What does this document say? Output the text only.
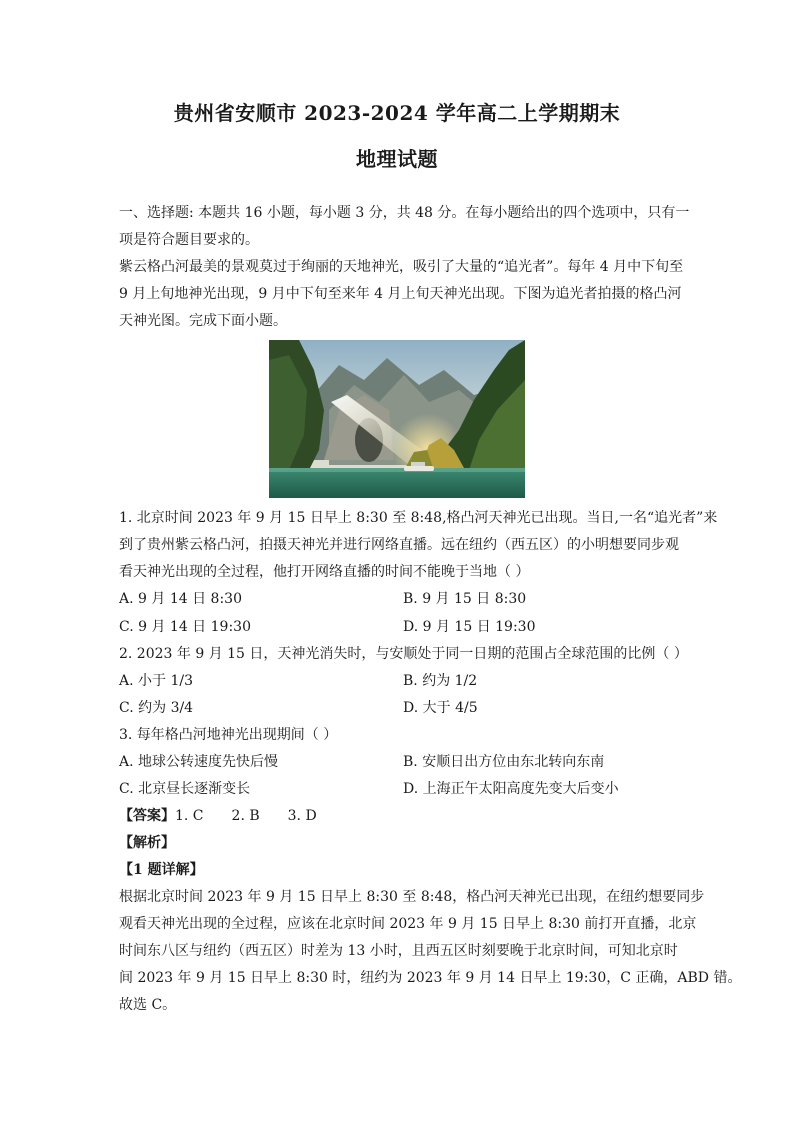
贵州省安顺市 2023-2024 学年高二上学期期末
地理试题
一、选择题: 本题共 16 小题，每小题 3 分，共 48 分。在每小题给出的四个选项中，只有一
项是符合题目要求的。
紫云格凸河最美的景观莫过于绚丽的天地神光，吸引了大量的“追光者”。每年 4 月中下旬至
9 月上旬地神光出现，9 月中下旬至来年 4 月上旬天神光出现。下图为追光者拍摄的格凸河
天神光图。完成下面小题。
1. 北京时间 2023 年 9 月 15 日早上 8:30 至 8:48,格凸河天神光已出现。当日,一名“追光者”来
到了贵州紫云格凸河，拍摄天神光并进行网络直播。远在纽约（西五区）的小明想要同步观
看天神光出现的全过程，他打开网络直播的时间不能晚于当地（ ）
A. 9 月 14 日 8:30	B. 9 月 15 日 8:30
C. 9 月 14 日 19:30	D. 9 月 15 日 19:30
2. 2023 年 9 月 15 日，天神光消失时，与安顺处于同一日期的范围占全球范围的比例（ ）
A. 小于 1/3	B. 约为 1/2
C. 约为 3/4	D. 大于 4/5
3. 每年格凸河地神光出现期间（ ）
A. 地球公转速度先快后慢	B. 安顺日出方位由东北转向东南
C. 北京昼长逐渐变长	D. 上海正午太阳高度先变大后变小
【答案】1. C 2. B 3. D
【解析】
【1 题详解】
根据北京时间 2023 年 9 月 15 日早上 8:30 至 8:48，格凸河天神光已出现，在纽约想要同步
观看天神光出现的全过程，应该在北京时间 2023 年 9 月 15 日早上 8:30 前打开直播，北京
时间东八区与纽约（西五区）时差为 13 小时，且西五区时刻要晚于北京时间，可知北京时
间 2023 年 9 月 15 日早上 8:30 时，纽约为 2023 年 9 月 14 日早上 19:30，C 正确，ABD 错。
故选 C。
